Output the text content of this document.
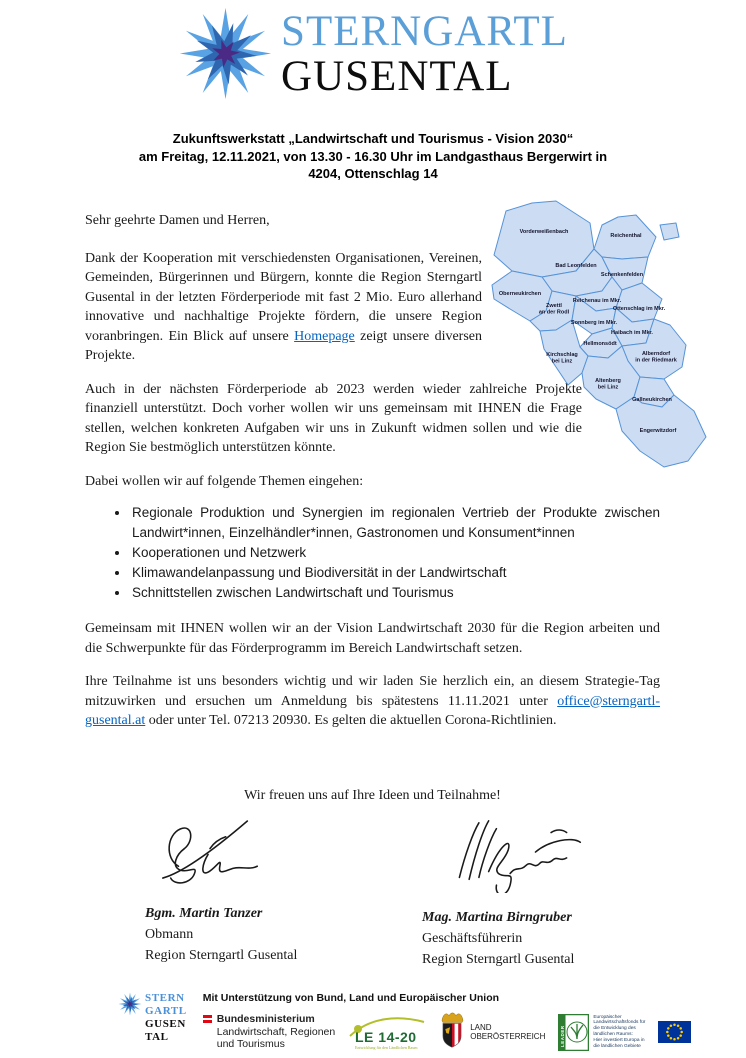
STERNGARTL
GUSENTAL
Zukunftswerkstatt „Landwirtschaft und Tourismus - Vision 2030“
am Freitag, 12.11.2021, von 13.30 - 16.30 Uhr im Landgasthaus Bergerwirt in
4204, Ottenschlag 14
Vorderweißenbach
Reichenthal
Bad Leonfelden
Schenkenfelden
Oberneukirchen
Zwettl an der Rodl
Reichenau im Mkr.
Ottenschlag im Mkr.
Sonnberg im Mkr.
Haibach im Mkr.
Hellmonsödt
Kirchschlag bei Linz
Alberndorf in der Riedmark
Altenberg bei Linz
Gallneukirchen
Engerwitzdorf

Sehr geehrte Damen und Herren,

Dank der Kooperation mit verschiedensten Organisationen, Vereinen, Gemeinden, Bürgerinnen und Bürgern, konnte die Region Sterngartl Gusental in der letzten Förderperiode mit fast 2 Mio. Euro allerhand innovative und nachhaltige Projekte fördern, die unsere Region voranbringen. Ein Blick auf unsere Homepage zeigt unsere diversen Projekte.

Auch in der nächsten Förderperiode ab 2023 werden wieder zahlreiche Projekte finanziell unterstützt. Doch vorher wollen wir uns gemeinsam mit IHNEN die Frage stellen, welchen konkreten Aufgaben wir uns in Zukunft widmen sollen und wie die Region Sie bestmöglich unterstützen könnte.

Dabei wollen wir auf folgende Themen eingehen:

• Regionale Produktion und Synergien im regionalen Vertrieb der Produkte zwischen Landwirt*innen, Einzelhändler*innen, Gastronomen und Konsument*innen
• Kooperationen und Netzwerk
• Klimawandelanpassung und Biodiversität in der Landwirtschaft
• Schnittstellen zwischen Landwirtschaft und Tourismus

Gemeinsam mit IHNEN wollen wir an der Vision Landwirtschaft 2030 für die Region arbeiten und die Schwerpunkte für das Förderprogramm im Bereich Landwirtschaft setzen.

Ihre Teilnahme ist uns besonders wichtig und wir laden Sie herzlich ein, an diesem Strategie-Tag mitzuwirken und ersuchen um Anmeldung bis spätestens 11.11.2021 unter office@sterngartl-gusental.at oder unter Tel. 07213 20930. Es gelten die aktuellen Corona-Richtlinien.

Wir freuen uns auf Ihre Ideen und Teilnahme!

Bgm. Martin Tanzer
Obmann
Region Sterngartl Gusental
Mag. Martina Birngruber
Geschäftsführerin
Region Sterngartl Gusental
STERN
GARTL
GUSEN
TAL
Mit Unterstützung von Bund, Land und Europäischer Union
Bundesministerium
Landwirtschaft, Regionen
und Tourismus	LE 14-20
Entwicklung für den Ländlichen Raum
LAND
OBERÖSTERREICH	LEADER
Europäischer
Landwirtschaftsfonds für
die Entwicklung des
ländlichen Raums:
Hier investiert Europa in
die ländlichen Gebiete
